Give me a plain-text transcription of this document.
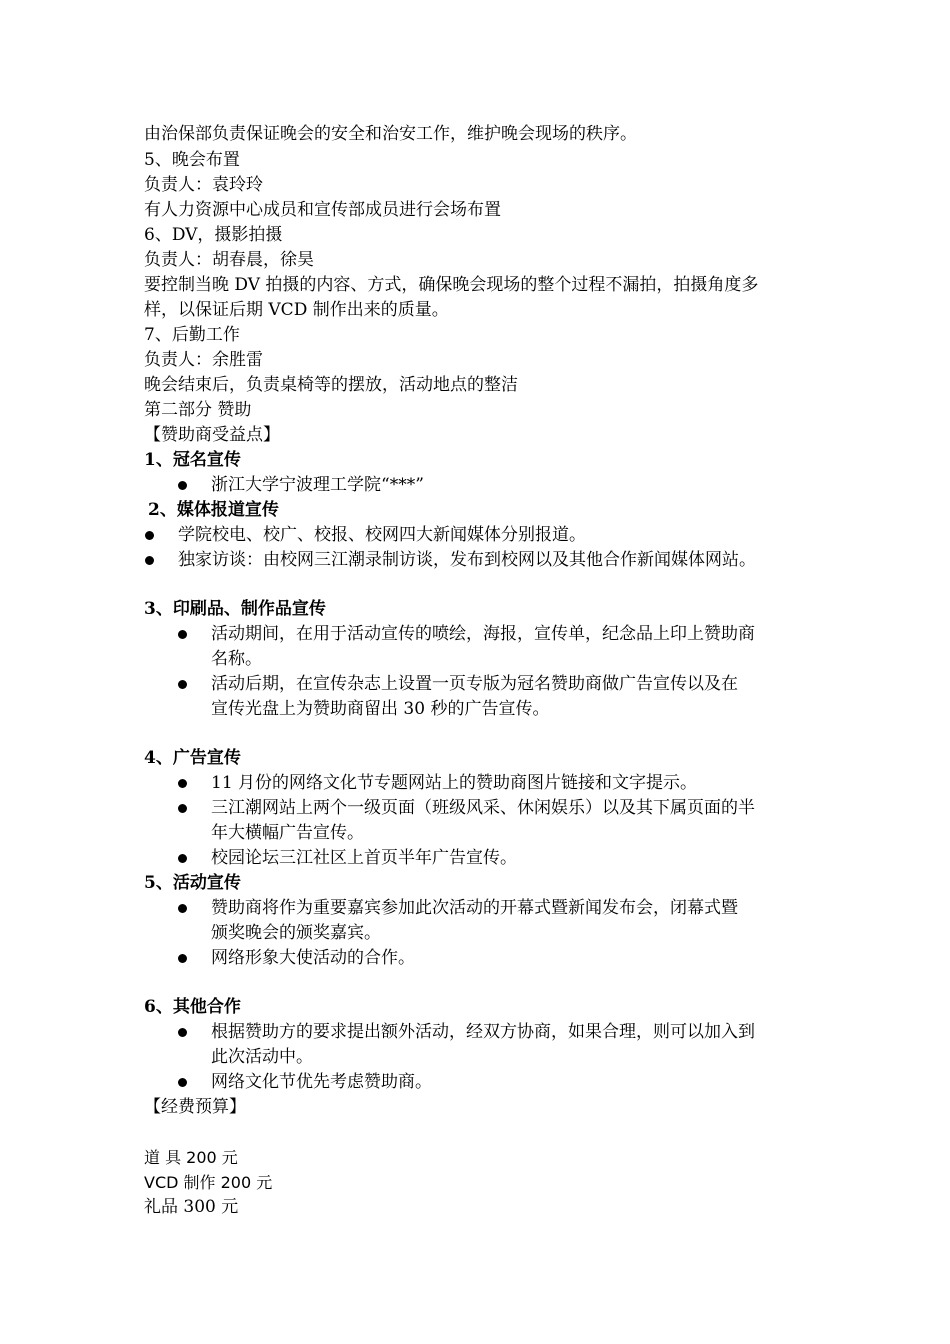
由治保部负责保证晚会的安全和治安工作，维护晚会现场的秩序。
5、晚会布置
负责人：袁玲玲
有人力资源中心成员和宣传部成员进行会场布置
6、DV，摄影拍摄
负责人：胡春晨，徐昊
要控制当晚 DV 拍摄的内容、方式，确保晚会现场的整个过程不漏拍，拍摄角度多
样，以保证后期 VCD 制作出来的质量。
7、后勤工作
负责人：余胜雷
晚会结束后，负责桌椅等的摆放，活动地点的整洁
第二部分 赞助
【赞助商受益点】
1、冠名宣传
浙江大学宁波理工学院“***”
2、媒体报道宣传
学院校电、校广、校报、校网四大新闻媒体分别报道。
独家访谈：由校网三江潮录制访谈，发布到校网以及其他合作新闻媒体网站。
3、印刷品、制作品宣传
活动期间，在用于活动宣传的喷绘，海报，宣传单，纪念品上印上赞助商
名称。
活动后期，在宣传杂志上设置一页专版为冠名赞助商做广告宣传以及在
宣传光盘上为赞助商留出 30 秒的广告宣传。
4、广告宣传
11 月份的网络文化节专题网站上的赞助商图片链接和文字提示。
三江潮网站上两个一级页面（班级风采、休闲娱乐）以及其下属页面的半
年大横幅广告宣传。
校园论坛三江社区上首页半年广告宣传。
5、活动宣传
赞助商将作为重要嘉宾参加此次活动的开幕式暨新闻发布会，闭幕式暨
颁奖晚会的颁奖嘉宾。
网络形象大使活动的合作。
6、其他合作
根据赞助方的要求提出额外活动，经双方协商，如果合理，则可以加入到
此次活动中。
网络文化节优先考虑赞助商。
【经费预算】
道 具 200 元
VCD 制作 200 元
礼品 300 元
